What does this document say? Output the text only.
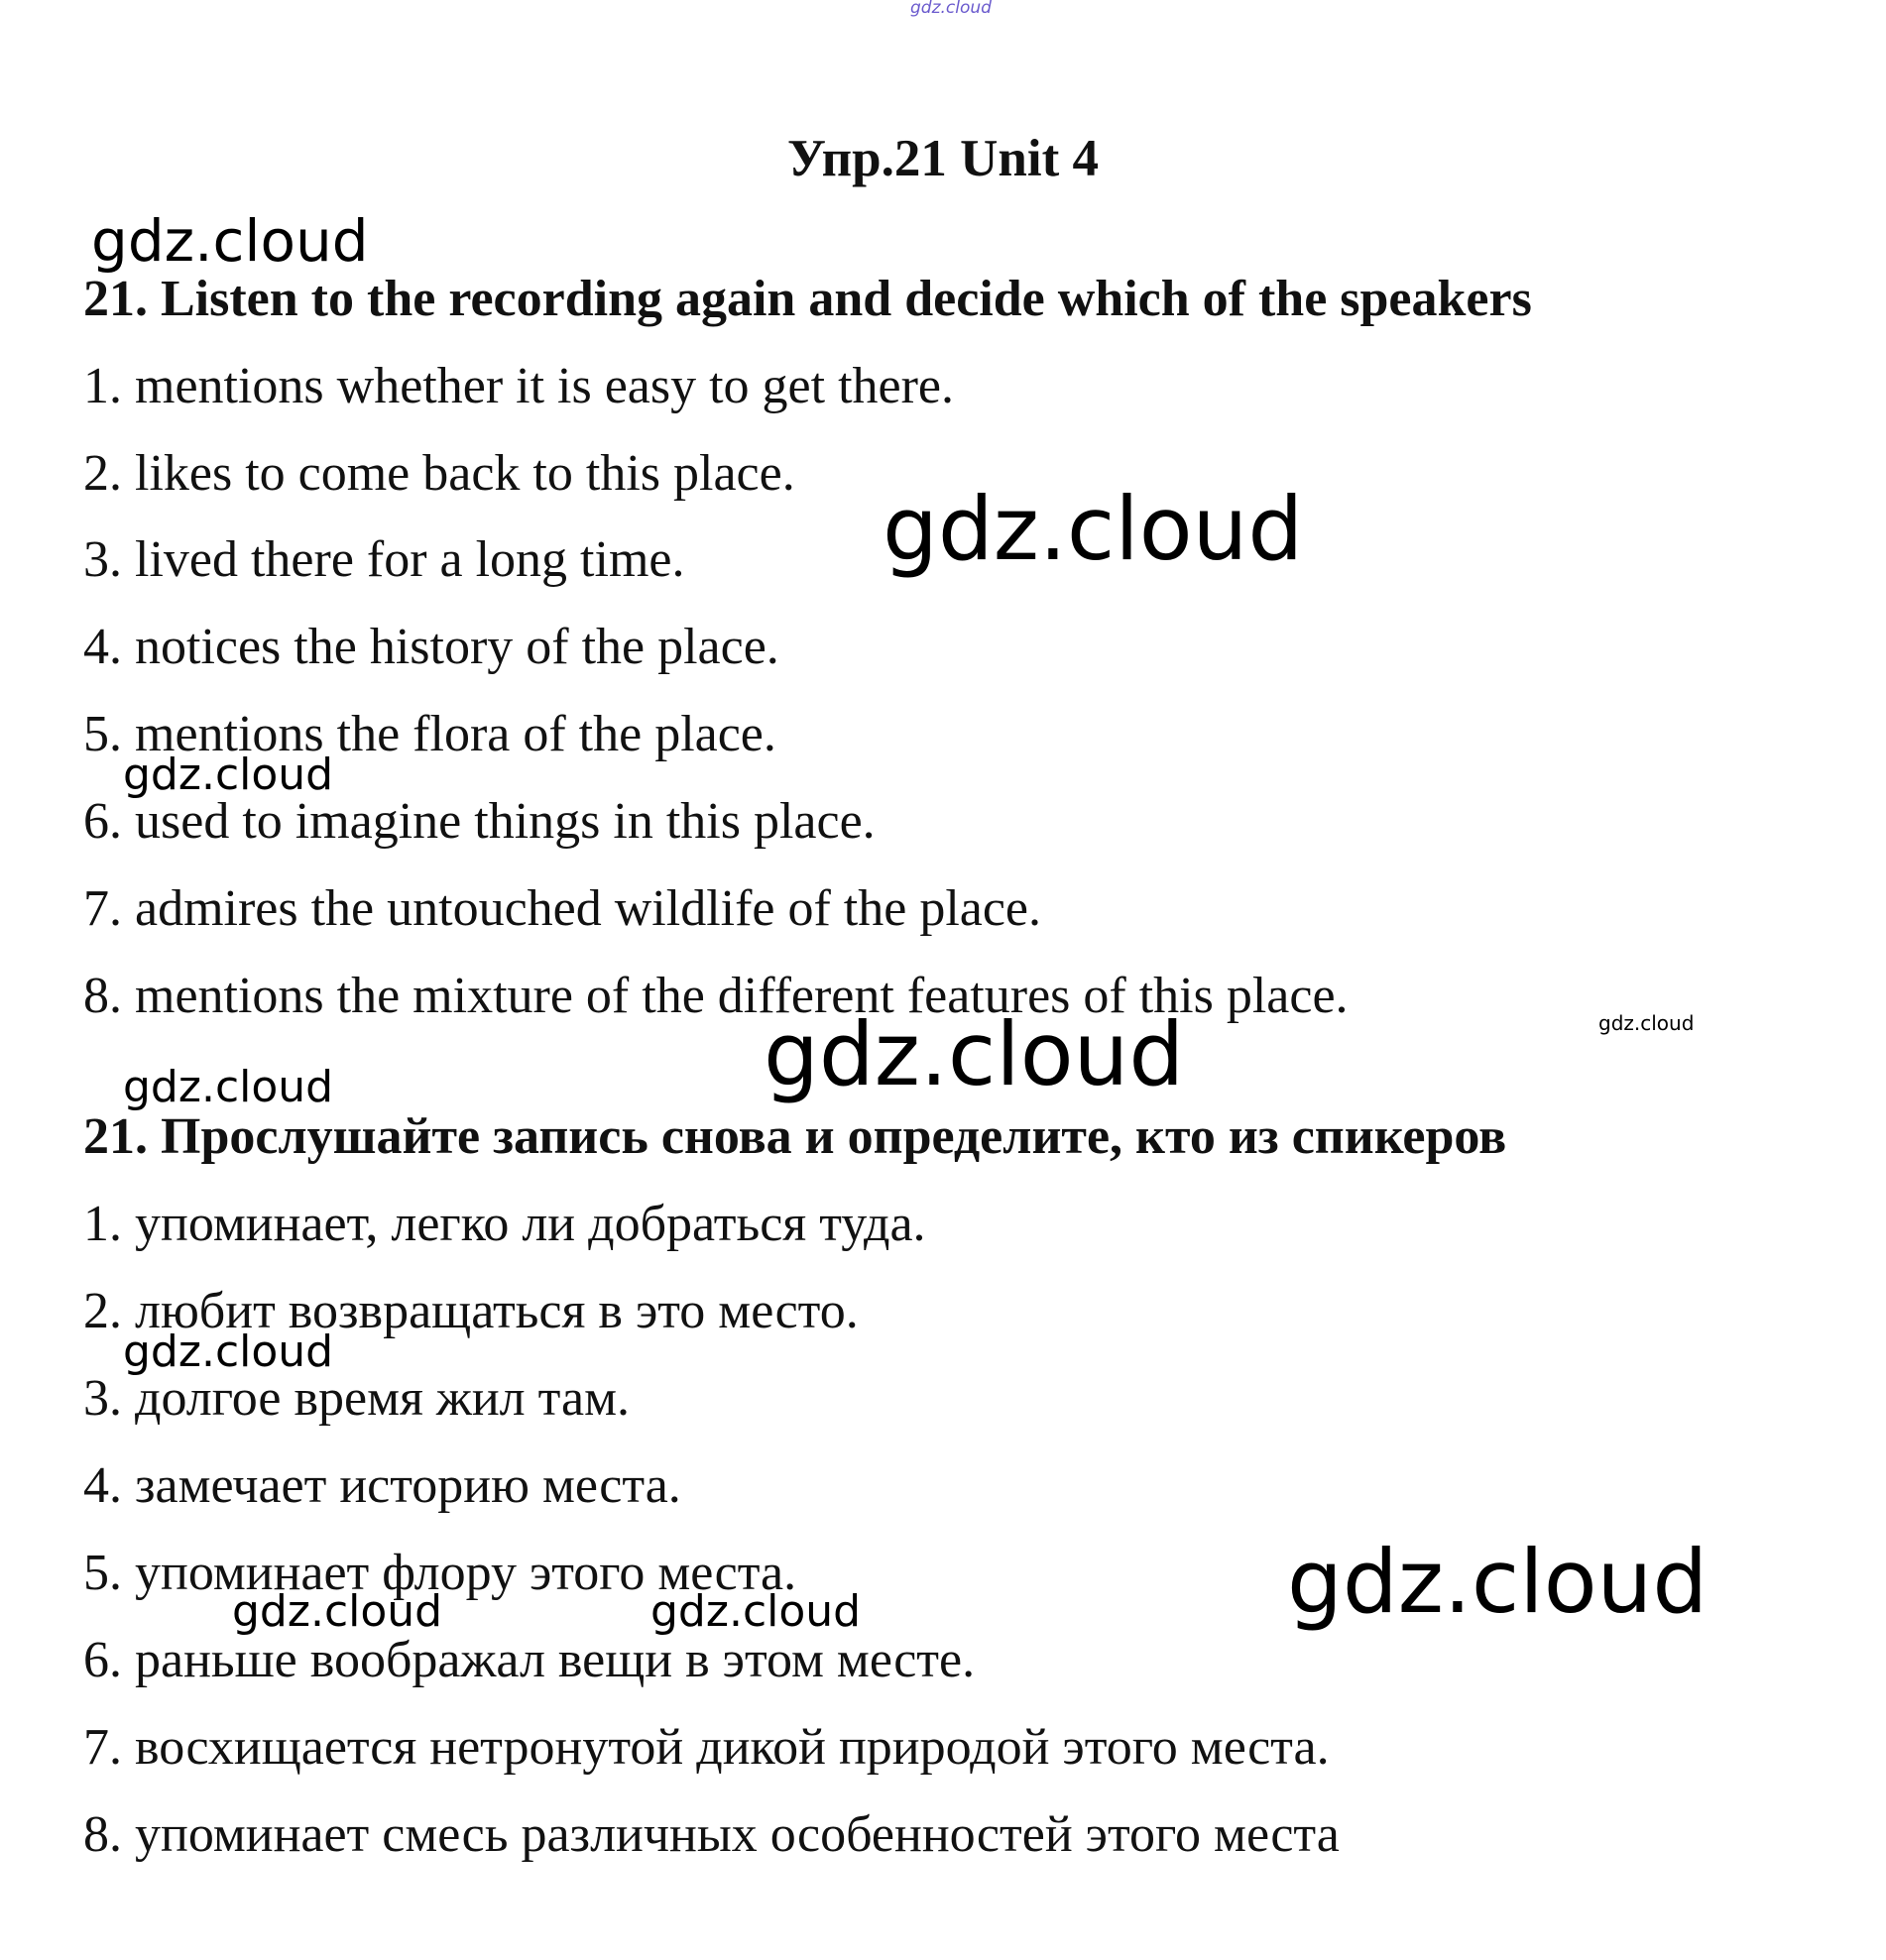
gdz.cloud
Упр.21 Unit 4
21. Listen to the recording again and decide which of the speakers

1. mentions whether it is easy to get there.

2. likes to come back to this place.

3. lived there for a long time.

4. notices the history of the place.

5. mentions the flora of the place.

6. used to imagine things in this place.

7. admires the untouched wildlife of the place.

8. mentions the mixture of the different features of this place.

21. Прослушайте запись снова и определите, кто из спикеров

1. упоминает, легко ли добраться туда.

2. любит возвращаться в это место.

3. долгое время жил там.

4. замечает историю места.

5. упоминает флору этого места.

6. раньше воображал вещи в этом месте.

7. восхищается нетронутой дикой природой этого места.

8. упоминает смесь различных особенностей этого места

gdz.cloud
gdz.cloud
gdz.cloud
gdz.cloud	gdz.cloud
gdz.cloud
gdz.cloud
gdz.cloud
gdz.cloud	gdz.cloud
